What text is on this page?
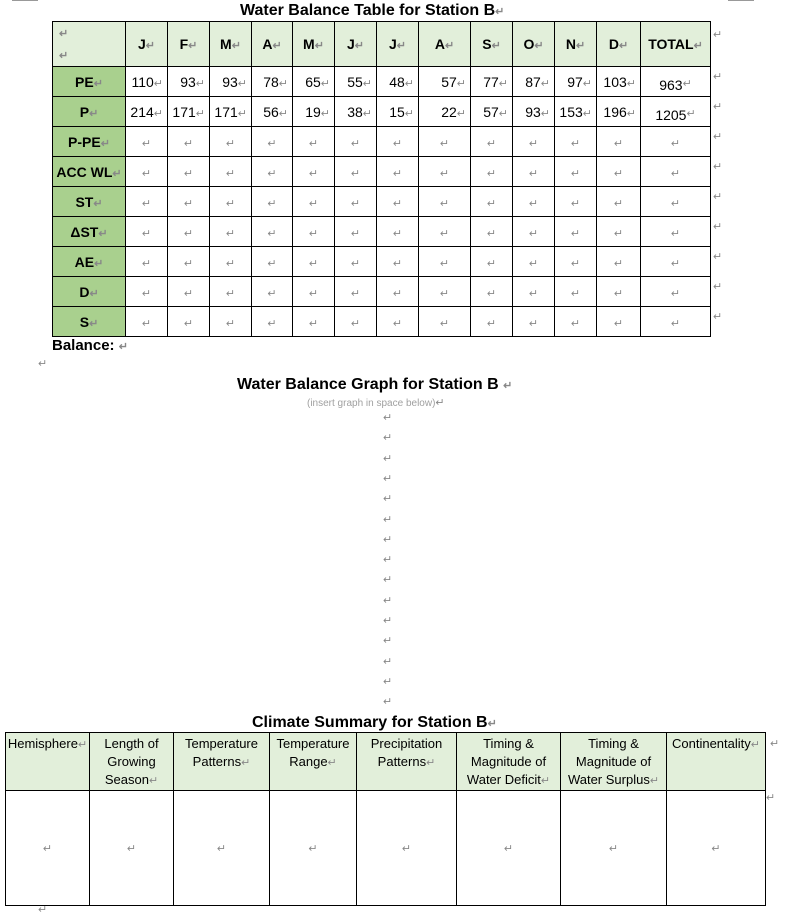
Water Balance Table for Station B↵
↵
↵	J↵	F↵	M↵	A↵	M↵	J↵	J↵	A↵	S↵	O↵	N↵	D↵	TOTAL↵
PE↵	110↵	93↵	93↵	78↵	65↵	55↵	48↵	57↵	77↵	87↵	97↵	103↵	963↵
P↵	214↵	171↵	171↵	56↵	19↵	38↵	15↵	22↵	57↵	93↵	153↵	196↵	1205↵
P-PE↵	↵	↵	↵	↵	↵	↵	↵	↵	↵	↵	↵	↵	↵
ACC WL↵	↵	↵	↵	↵	↵	↵	↵	↵	↵	↵	↵	↵	↵
ST↵	↵	↵	↵	↵	↵	↵	↵	↵	↵	↵	↵	↵	↵
ΔST↵	↵	↵	↵	↵	↵	↵	↵	↵	↵	↵	↵	↵	↵
AE↵	↵	↵	↵	↵	↵	↵	↵	↵	↵	↵	↵	↵	↵
D↵	↵	↵	↵	↵	↵	↵	↵	↵	↵	↵	↵	↵	↵
S↵	↵	↵	↵	↵	↵	↵	↵	↵	↵	↵	↵	↵	↵
↵
↵
↵
↵
↵
↵
↵
↵
↵
↵
Balance: ↵
↵
Water Balance Graph for Station B ↵
(insert graph in space below)↵
↵
↵
↵
↵
↵
↵
↵
↵
↵
↵
↵
↵
↵
↵
↵
Climate Summary for Station B↵
Hemisphere↵	Length of Growing Season↵	Temperature Patterns↵	Temperature Range↵	Precipitation Patterns↵	Timing & Magnitude of Water Deficit↵	Timing & Magnitude of Water Surplus↵	Continentality↵
↵	↵	↵	↵	↵	↵	↵	↵
↵
↵
↵
